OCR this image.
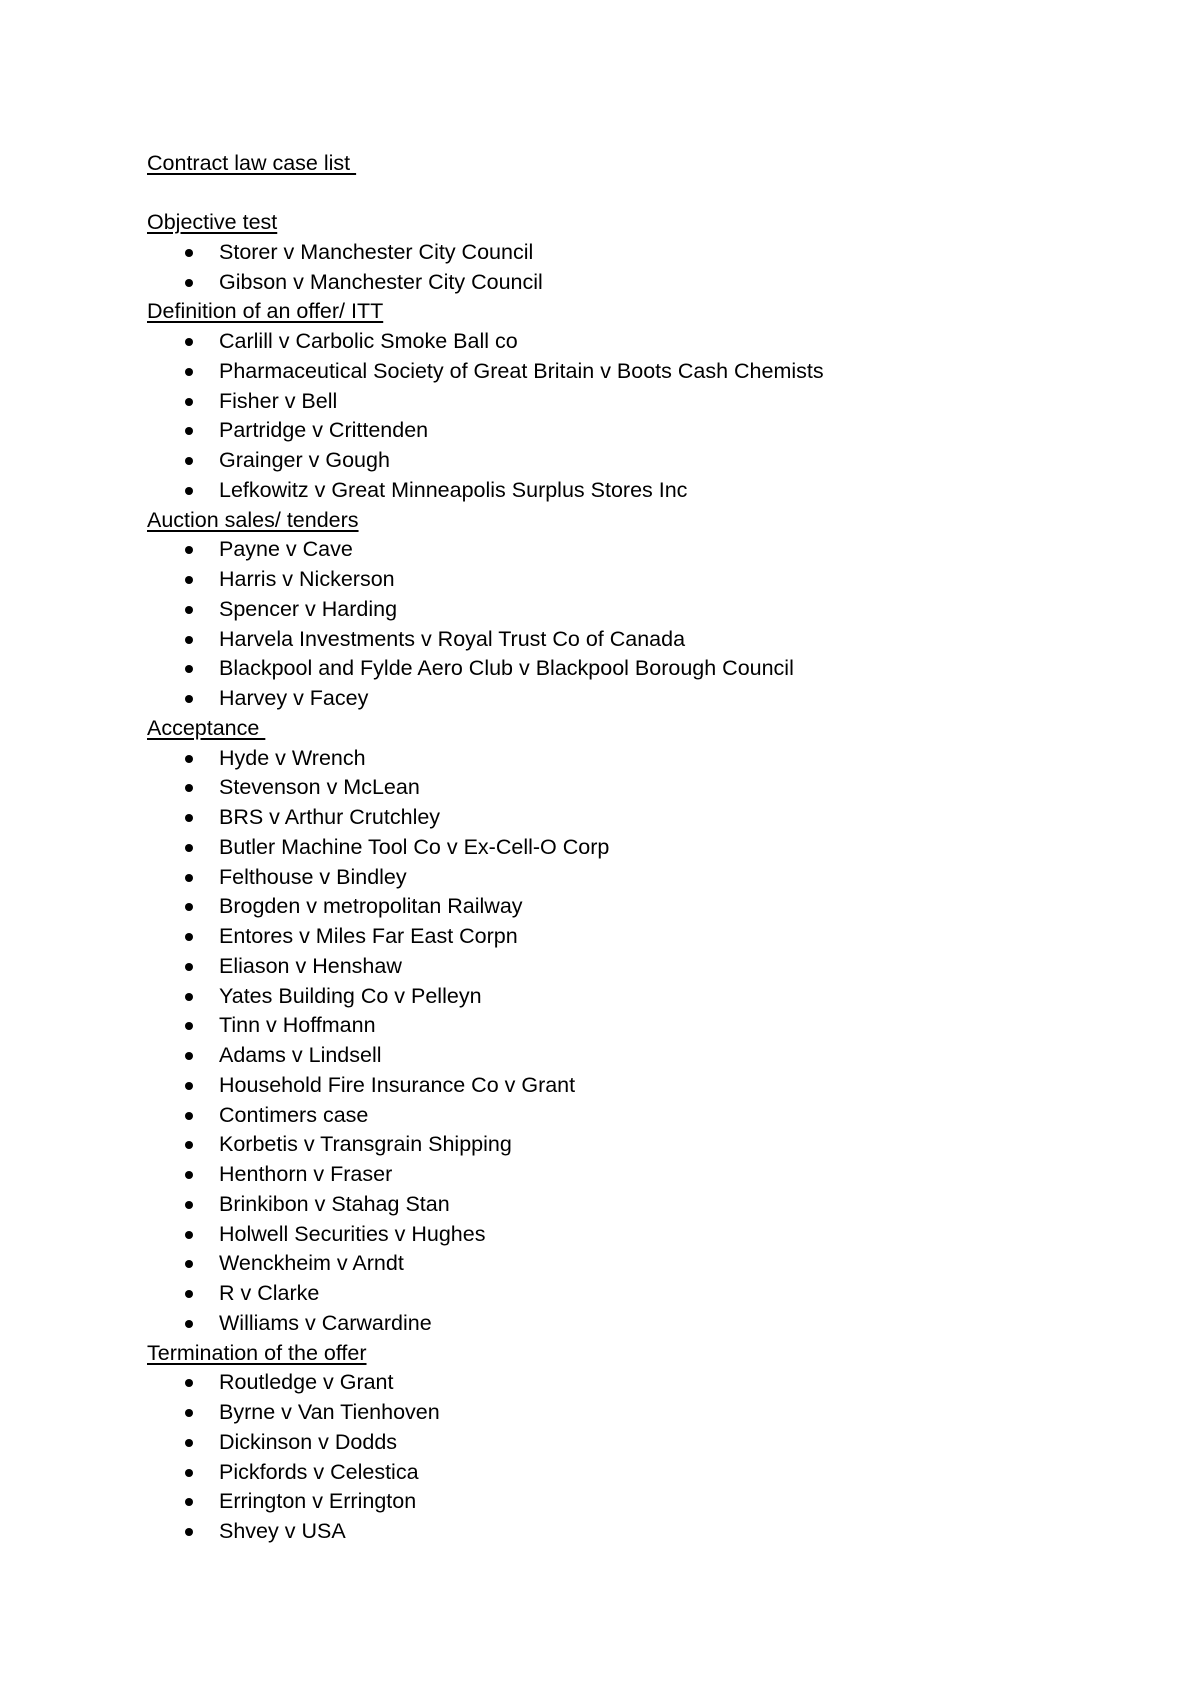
Contract law case list
Objective test
Storer v Manchester City Council
Gibson v Manchester City Council
Definition of an offer/ ITT
Carlill v Carbolic Smoke Ball co
Pharmaceutical Society of Great Britain v Boots Cash Chemists
Fisher v Bell
Partridge v Crittenden
Grainger v Gough
Lefkowitz v Great Minneapolis Surplus Stores Inc
Auction sales/ tenders
Payne v Cave
Harris v Nickerson
Spencer v Harding
Harvela Investments v Royal Trust Co of Canada
Blackpool and Fylde Aero Club v Blackpool Borough Council
Harvey v Facey
Acceptance
Hyde v Wrench
Stevenson v McLean
BRS v Arthur Crutchley
Butler Machine Tool Co v Ex-Cell-O Corp
Felthouse v Bindley
Brogden v metropolitan Railway
Entores v Miles Far East Corpn
Eliason v Henshaw
Yates Building Co v Pelleyn
Tinn v Hoffmann
Adams v Lindsell
Household Fire Insurance Co v Grant
Contimers case
Korbetis v Transgrain Shipping
Henthorn v Fraser
Brinkibon v Stahag Stan
Holwell Securities v Hughes
Wenckheim v Arndt
R v Clarke
Williams v Carwardine
Termination of the offer
Routledge v Grant
Byrne v Van Tienhoven
Dickinson v Dodds
Pickfords v Celestica
Errington v Errington
Shvey v USA
